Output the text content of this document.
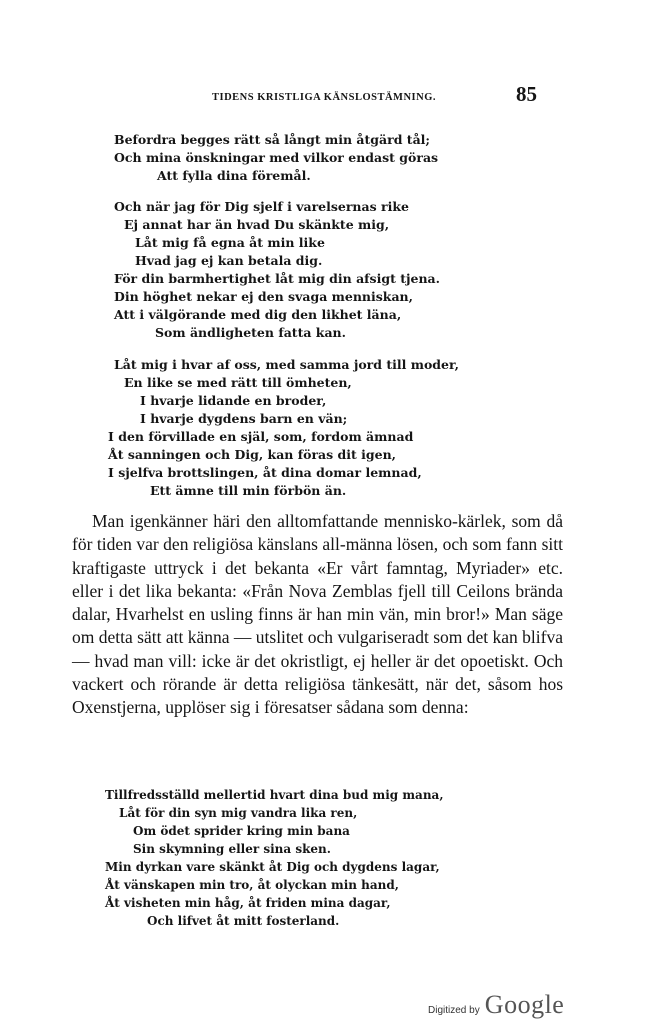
TIDENS KRISTLIGA KÄNSLOSTÄMNING.	85
Befordra begges rätt så långt min åtgärd tål;
Och mina önskningar med vilkor endast göras
Att fylla dina föremål.
Och när jag för Dig sjelf i varelsernas rike
Ej annat har än hvad Du skänkte mig,
Låt mig få egna åt min like
Hvad jag ej kan betala dig.
För din barmhertighet låt mig din afsigt tjena.
Din höghet nekar ej den svaga menniskan,
Att i välgörande med dig den likhet läna,
Som ändligheten fatta kan.
Låt mig i hvar af oss, med samma jord till moder,
En like se med rätt till ömheten,
I hvarje lidande en broder,
I hvarje dygdens barn en vän;
I den förvillade en själ, som, fordom ämnad
Åt sanningen och Dig, kan föras dit igen,
I sjelfva brottslingen, åt dina domar lemnad,
Ett ämne till min förbön än.

Man igenkänner häri den alltomfattande mennisko-kärlek, som då för tiden var den religiösa känslans all-männa lösen, och som fann sitt kraftigaste uttryck i det bekanta «Er vårt famntag, Myriader» etc. eller i det lika bekanta: «Från Nova Zemblas fjell till Ceilons brända dalar, Hvarhelst en usling finns är han min vän, min bror!» Man säge om detta sätt att känna — utslitet och vulgariseradt som det kan blifva — hvad man vill: icke är det okristligt, ej heller är det opoetiskt. Och vackert och rörande är detta religiösa tänkesätt, när det, såsom hos Oxenstjerna, upplöser sig i föresatser sådana som denna:

Tillfredsställd mellertid hvart dina bud mig mana,
Låt för din syn mig vandra lika ren,
Om ödet sprider kring min bana
Sin skymning eller sina sken.
Min dyrkan vare skänkt åt Dig och dygdens lagar,
Åt vänskapen min tro, åt olyckan min hand,
Åt visheten min håg, åt friden mina dagar,
Och lifvet åt mitt fosterland.
Digitized by Google
